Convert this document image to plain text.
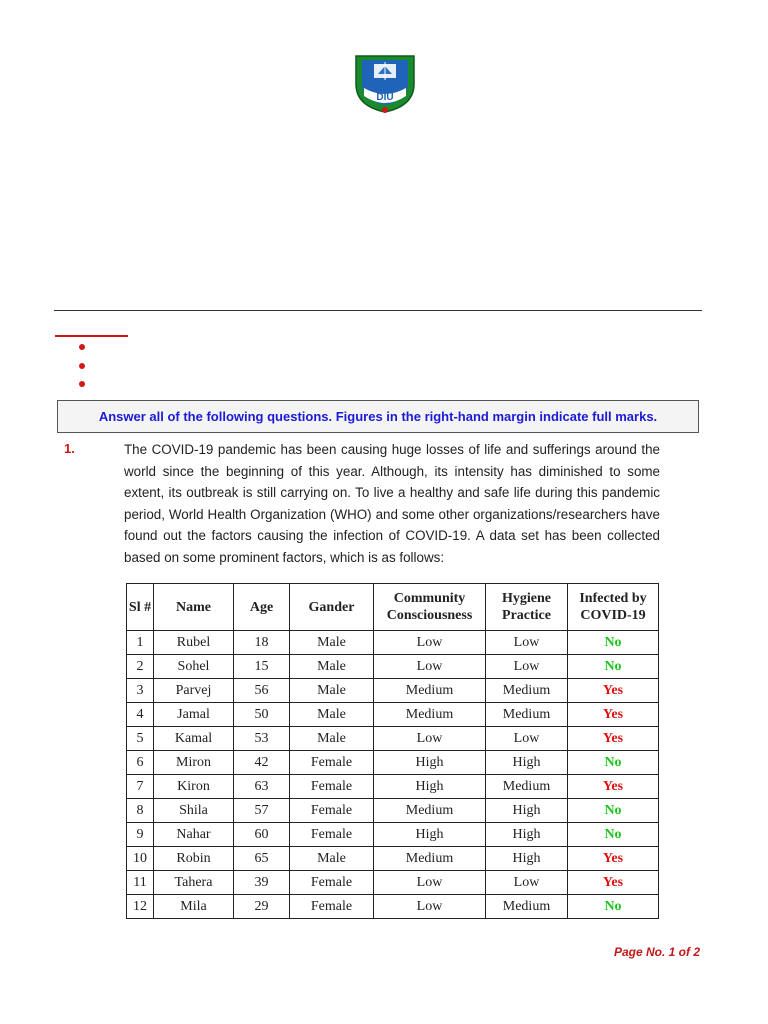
DIU
Answer all of the following questions. Figures in the right-hand margin indicate full marks.
1.	The COVID-19 pandemic has been causing huge losses of life and sufferings around the world since the beginning of this year. Although, its intensity has diminished to some extent, its outbreak is still carrying on. To live a healthy and safe life during this pandemic period, World Health Organization (WHO) and some other organizations/researchers have found out the factors causing the infection of COVID-19. A data set has been collected based on some prominent factors, which is as follows:

Sl #	Name	Age	Gander	Community Consciousness	Hygiene Practice	Infected by COVID-19
1	Rubel	18	Male	Low	Low	No
2	Sohel	15	Male	Low	Low	No
3	Parvej	56	Male	Medium	Medium	Yes
4	Jamal	50	Male	Medium	Medium	Yes
5	Kamal	53	Male	Low	Low	Yes
6	Miron	42	Female	High	High	No
7	Kiron	63	Female	High	Medium	Yes
8	Shila	57	Female	Medium	High	No
9	Nahar	60	Female	High	High	No
10	Robin	65	Male	Medium	High	Yes
11	Tahera	39	Female	Low	Low	Yes
12	Mila	29	Female	Low	Medium	No
Page No. 1 of 2
